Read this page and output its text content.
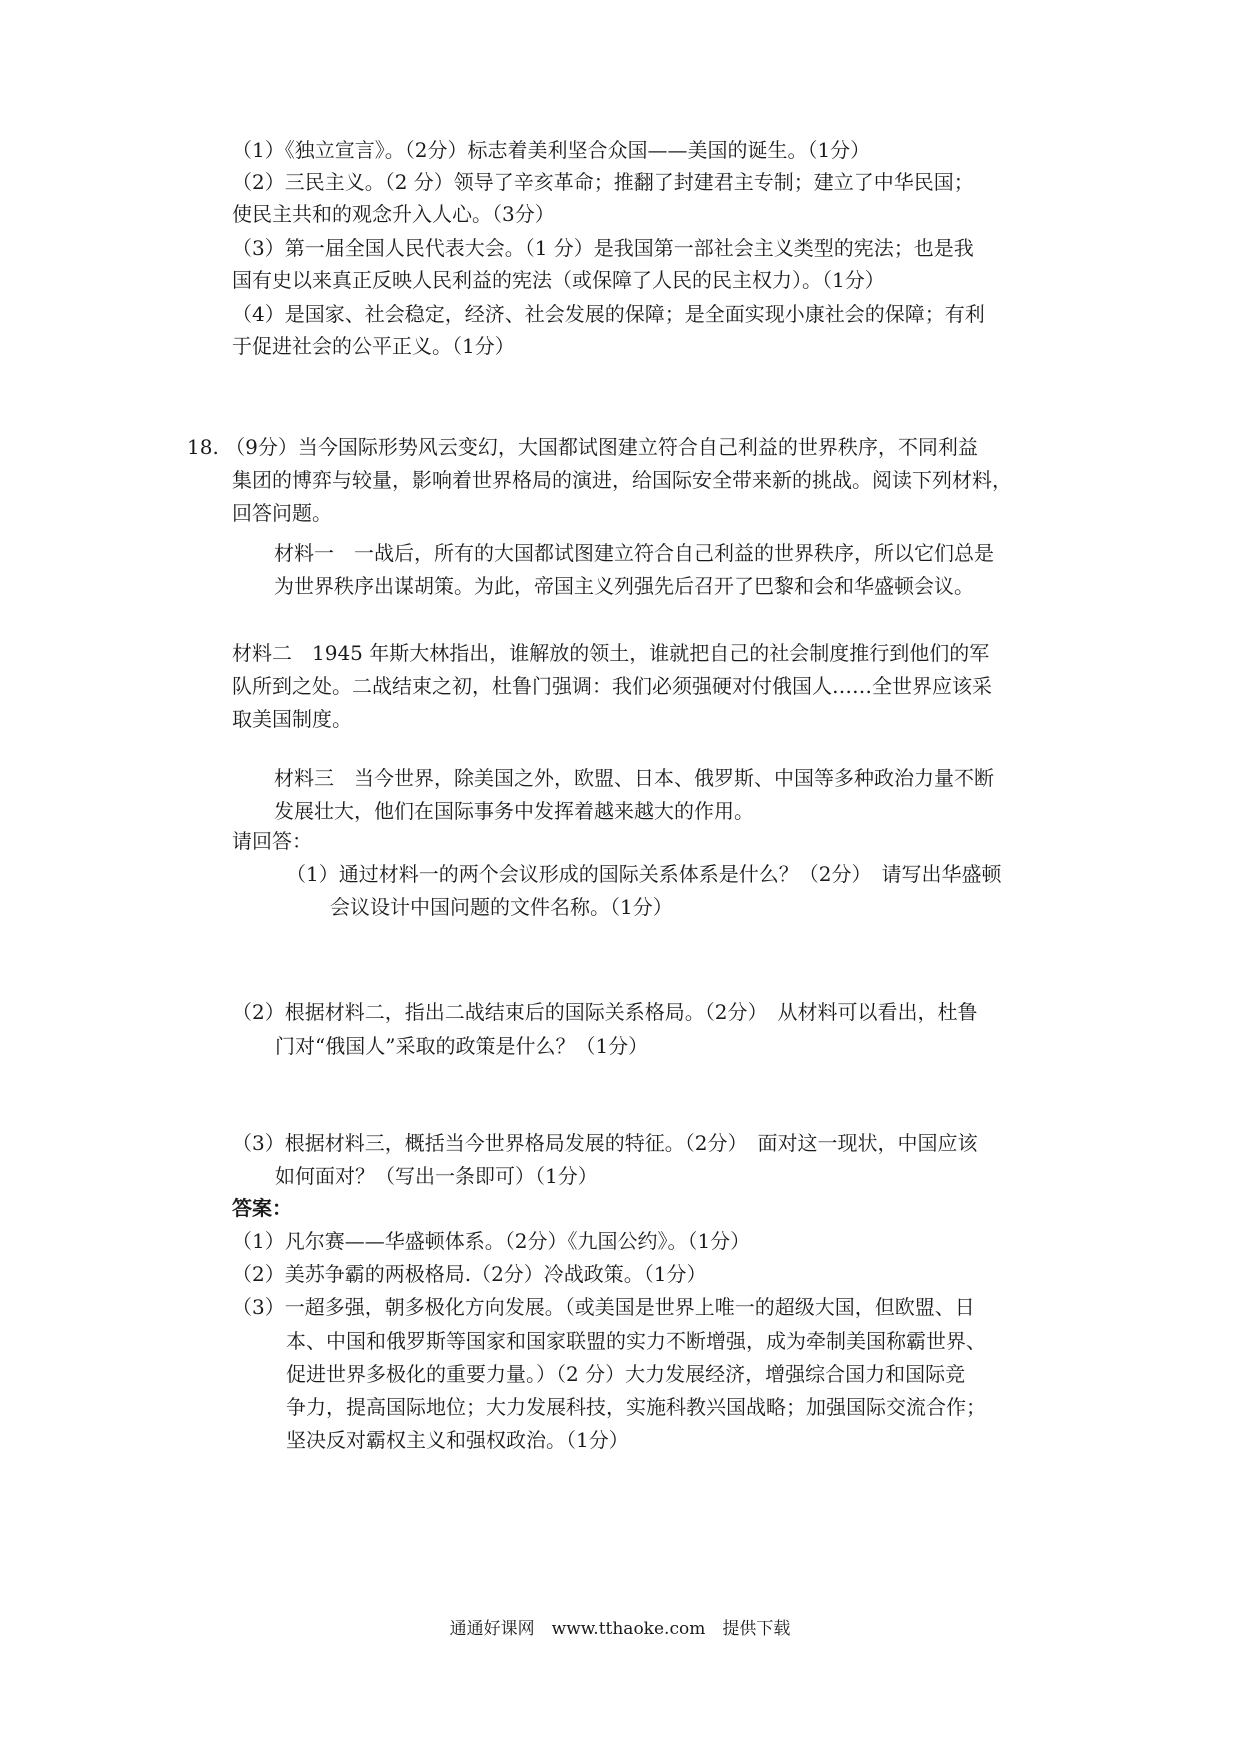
（1）《独立宣言》。（2分）标志着美利坚合众国——美国的诞生。（1分）
（2）三民主义。（2 分）领导了辛亥革命；推翻了封建君主专制；建立了中华民国；
使民主共和的观念升入人心。（3分）
（3）第一届全国人民代表大会。（1 分）是我国第一部社会主义类型的宪法；也是我
国有史以来真正反映人民利益的宪法（或保障了人民的民主权力）。（1分）
（4）是国家、社会稳定，经济、社会发展的保障；是全面实现小康社会的保障；有利
于促进社会的公平正义。（1分）
18. （9分）当今国际形势风云变幻，大国都试图建立符合自己利益的世界秩序，不同利益
集团的博弈与较量，影响着世界格局的演进，给国际安全带来新的挑战。阅读下列材料，
回答问题。
材料一　一战后，所有的大国都试图建立符合自己利益的世界秩序，所以它们总是
为世界秩序出谋胡策。为此，帝国主义列强先后召开了巴黎和会和华盛顿会议。
材料二　1945 年斯大林指出，谁解放的领土，谁就把自己的社会制度推行到他们的军
队所到之处。二战结束之初，杜鲁门强调：我们必须强硬对付俄国人……全世界应该采
取美国制度。
材料三　当今世界，除美国之外，欧盟、日本、俄罗斯、中国等多种政治力量不断
发展壮大，他们在国际事务中发挥着越来越大的作用。
请回答：
（1）通过材料一的两个会议形成的国际关系体系是什么？（2分）　请写出华盛顿
会议设计中国问题的文件名称。（1分）
（2）根据材料二，指出二战结束后的国际关系格局。（2分）　从材料可以看出，杜鲁
门对“俄国人”采取的政策是什么？（1分）
（3）根据材料三，概括当今世界格局发展的特征。（2分）　面对这一现状，中国应该
如何面对？（写出一条即可）（1分）
答案：
（1）凡尔赛——华盛顿体系。（2分）《九国公约》。（1分）
（2）美苏争霸的两极格局.（2分）冷战政策。（1分）
（3）一超多强，朝多极化方向发展。（或美国是世界上唯一的超级大国，但欧盟、日
本、中国和俄罗斯等国家和国家联盟的实力不断增强，成为牵制美国称霸世界、
促进世界多极化的重要力量。）（2 分）大力发展经济，增强综合国力和国际竞
争力，提高国际地位；大力发展科技，实施科教兴国战略；加强国际交流合作；
坚决反对霸权主义和强权政治。（1分）
通通好课网　www.tthaoke.com　提供下载
